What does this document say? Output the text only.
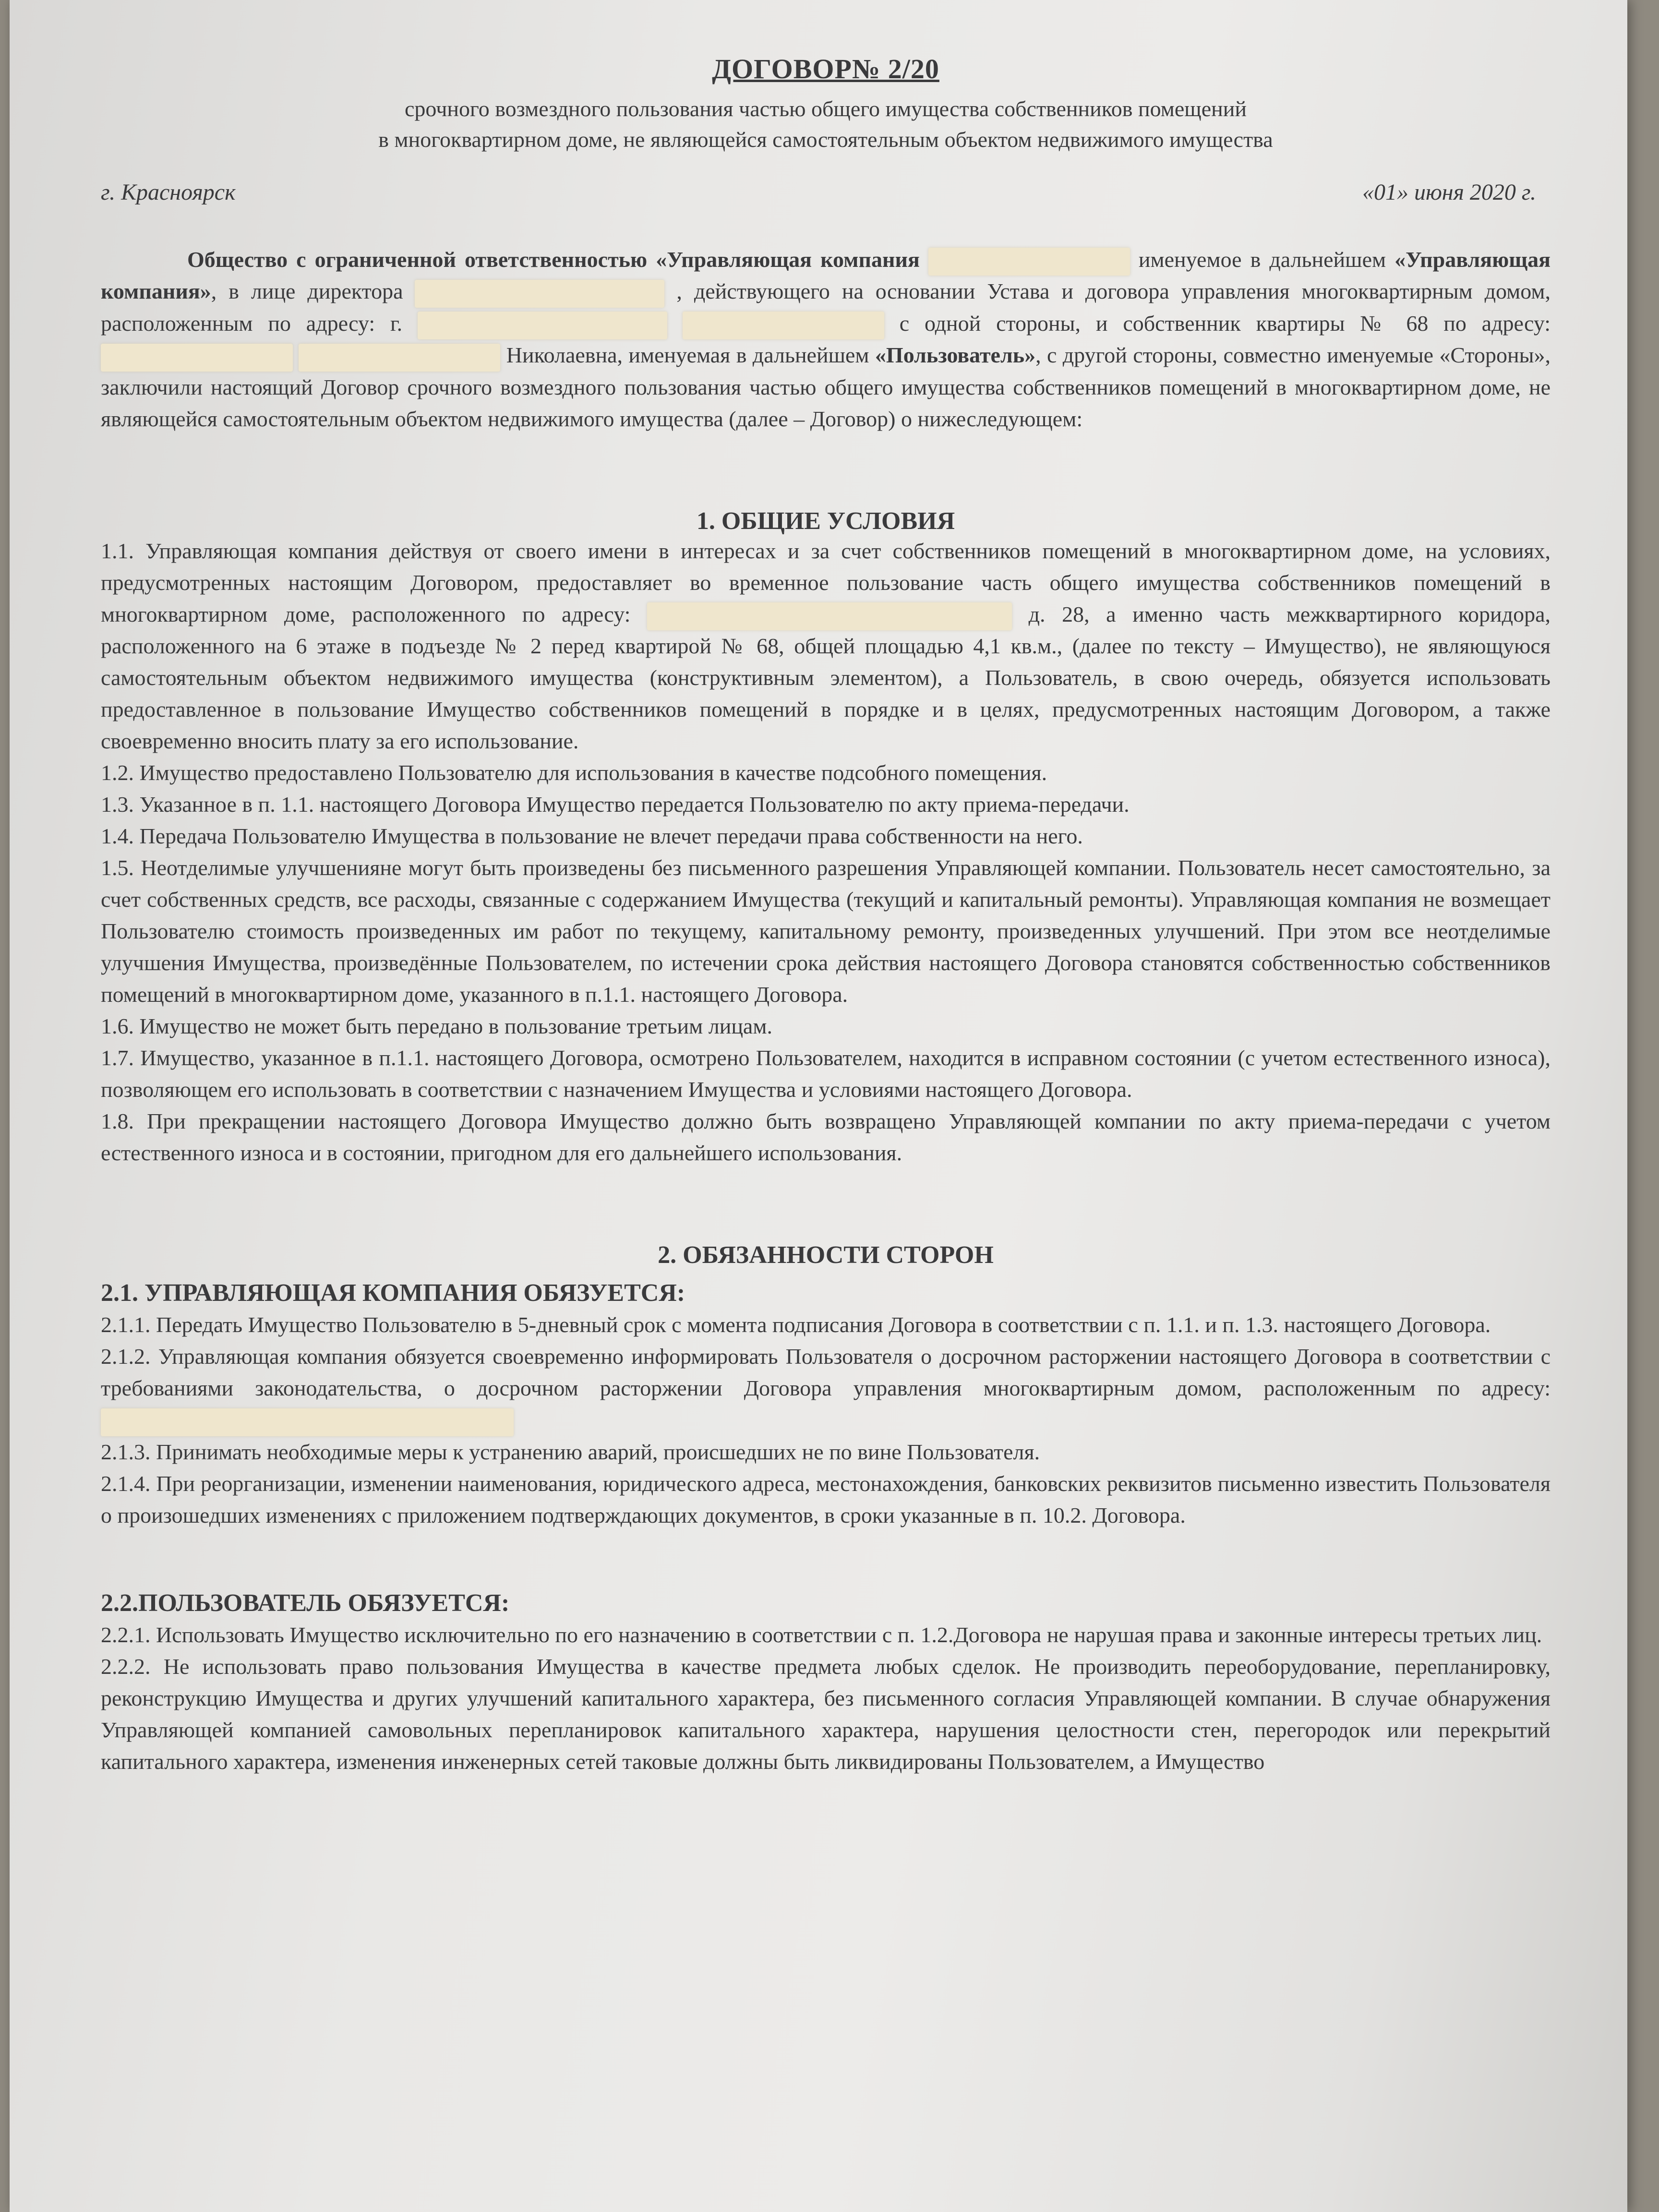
ДОГОВОР№ 2/20

срочного возмездного пользования частью общего имущества собственников помещений

в многоквартирном доме, не являющейся самостоятельным объектом недвижимого имущества

г. Красноярск	«01» июня 2020 г.

Общество с ограниченной ответственностью «Управляющая компания	именуемое в дальнейшем «Управляющая компания», в лице директора	, действующего на основании Устава и договора управления многоквартирным домом, расположенным по адресу: г.	с одной стороны, и собственник квартиры № 68 по адресу:   Николаевна, именуемая в дальнейшем «Пользователь», с другой стороны, совместно именуемые «Стороны», заключили настоящий Договор срочного возмездного пользования частью общего имущества собственников помещений в многоквартирном доме, не являющейся самостоятельным объектом недвижимого имущества (далее – Договор) о нижеследующем:

1. ОБЩИЕ УСЛОВИЯ

1.1. Управляющая компания действуя от своего имени в интересах и за счет собственников помещений в многоквартирном доме, на условиях, предусмотренных настоящим Договором, предоставляет во временное пользование часть общего имущества собственников помещений в многоквартирном доме, расположенного по адресу:	д. 28, а именно часть межквартирного коридора, расположенного на 6 этаже в подъезде № 2 перед квартирой № 68, общей площадью 4,1 кв.м., (далее по тексту – Имущество), не являющуюся самостоятельным объектом недвижимого имущества (конструктивным элементом), а Пользователь, в свою очередь, обязуется использовать предоставленное в пользование Имущество собственников помещений в порядке и в целях, предусмотренных настоящим Договором, а также своевременно вносить плату за его использование.

1.2. Имущество предоставлено Пользователю для использования в качестве подсобного помещения.

1.3. Указанное в п. 1.1. настоящего Договора Имущество передается Пользователю по акту приема-передачи.

1.4. Передача Пользователю Имущества в пользование не влечет передачи права собственности на него.

1.5. Неотделимые улучшенияне могут быть произведены без письменного разрешения Управляющей компании. Пользователь несет самостоятельно, за счет собственных средств, все расходы, связанные с содержанием Имущества (текущий и капитальный ремонты). Управляющая компания не возмещает Пользователю стоимость произведенных им работ по текущему, капитальному ремонту, произведенных улучшений. При этом все неотделимые улучшения Имущества, произведённые Пользователем, по истечении срока действия настоящего Договора становятся собственностью собственников помещений в многоквартирном доме, указанного в п.1.1. настоящего Договора.

1.6. Имущество не может быть передано в пользование третьим лицам.

1.7. Имущество, указанное в п.1.1. настоящего Договора, осмотрено Пользователем, находится в исправном состоянии (с учетом естественного износа), позволяющем его использовать в соответствии с назначением Имущества и условиями настоящего Договора.

1.8. При прекращении настоящего Договора Имущество должно быть возвращено Управляющей компании по акту приема-передачи с учетом естественного износа и в состоянии, пригодном для его дальнейшего использования.

2. ОБЯЗАННОСТИ СТОРОН
2.1. УПРАВЛЯЮЩАЯ КОМПАНИЯ ОБЯЗУЕТСЯ:

2.1.1. Передать Имущество Пользователю в 5-дневный срок с момента подписания Договора в соответствии с п. 1.1. и п. 1.3. настоящего Договора.

2.1.2. Управляющая компания обязуется своевременно информировать Пользователя о досрочном расторжении настоящего Договора в соответствии с требованиями законодательства, о досрочном расторжении Договора управления многоквартирным домом, расположенным по адресу:

2.1.3. Принимать необходимые меры к устранению аварий, происшедших не по вине Пользователя.

2.1.4. При реорганизации, изменении наименования, юридического адреса, местонахождения, банковских реквизитов письменно известить Пользователя о произошедших изменениях с приложением подтверждающих документов, в сроки указанные в п. 10.2. Договора.

2.2.ПОЛЬЗОВАТЕЛЬ ОБЯЗУЕТСЯ:

2.2.1. Использовать Имущество исключительно по его назначению в соответствии с п. 1.2.Договора не нарушая права и законные интересы третьих лиц.

2.2.2. Не использовать право пользования Имущества в качестве предмета любых сделок. Не производить переоборудование, перепланировку, реконструкцию Имущества и других улучшений капитального характера, без письменного согласия Управляющей компании. В случае обнаружения Управляющей компанией самовольных перепланировок капитального характера, нарушения целостности стен, перегородок или перекрытий капитального характера, изменения инженерных сетей таковые должны быть ликвидированы Пользователем, а Имущество
